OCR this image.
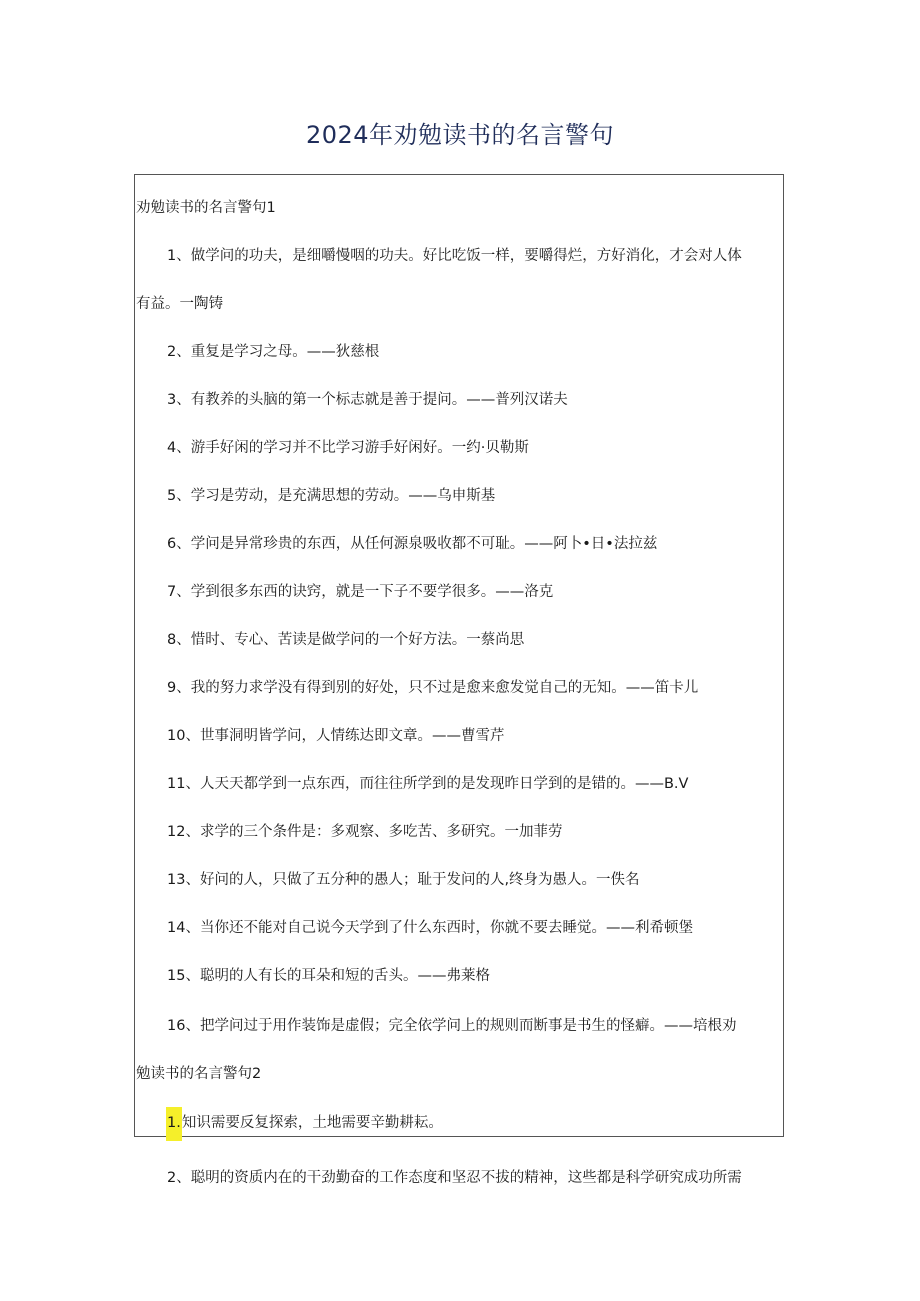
2024年劝勉读书的名言警句
劝勉读书的名言警句1
1、做学问的功夫，是细嚼慢咽的功夫。好比吃饭一样，要嚼得烂，方好消化，才会对人体
有益。一陶铸
2、重复是学习之母。——狄慈根
3、有教养的头脑的第一个标志就是善于提问。——普列汉诺夫
4、游手好闲的学习并不比学习游手好闲好。一约·贝勒斯
5、学习是劳动，是充满思想的劳动。——乌申斯基
6、学问是异常珍贵的东西，从任何源泉吸收都不可耻。——阿卜•日•法拉兹
7、学到很多东西的诀窍，就是一下子不要学很多。——洛克
8、惜时、专心、苦读是做学问的一个好方法。一蔡尚思
9、我的努力求学没有得到别的好处，只不过是愈来愈发觉自己的无知。——笛卡儿
10、世事洞明皆学问，人情练达即文章。——曹雪芹
11、人天天都学到一点东西，而往往所学到的是发现昨日学到的是错的。——B.V
12、求学的三个条件是：多观察、多吃苦、多研究。一加菲劳
13、好问的人，只做了五分种的愚人；耻于发问的人,终身为愚人。一佚名
14、当你还不能对自己说今天学到了什么东西时，你就不要去睡觉。——利希顿堡
15、聪明的人有长的耳朵和短的舌头。——弗莱格
16、把学问过于用作装饰是虚假；完全依学问上的规则而断事是书生的怪癖。——培根劝
勉读书的名言警句2
1.知识需要反复探索，土地需要辛勤耕耘。
2、聪明的资质内在的干劲勤奋的工作态度和坚忍不拔的精神，这些都是科学研究成功所需
